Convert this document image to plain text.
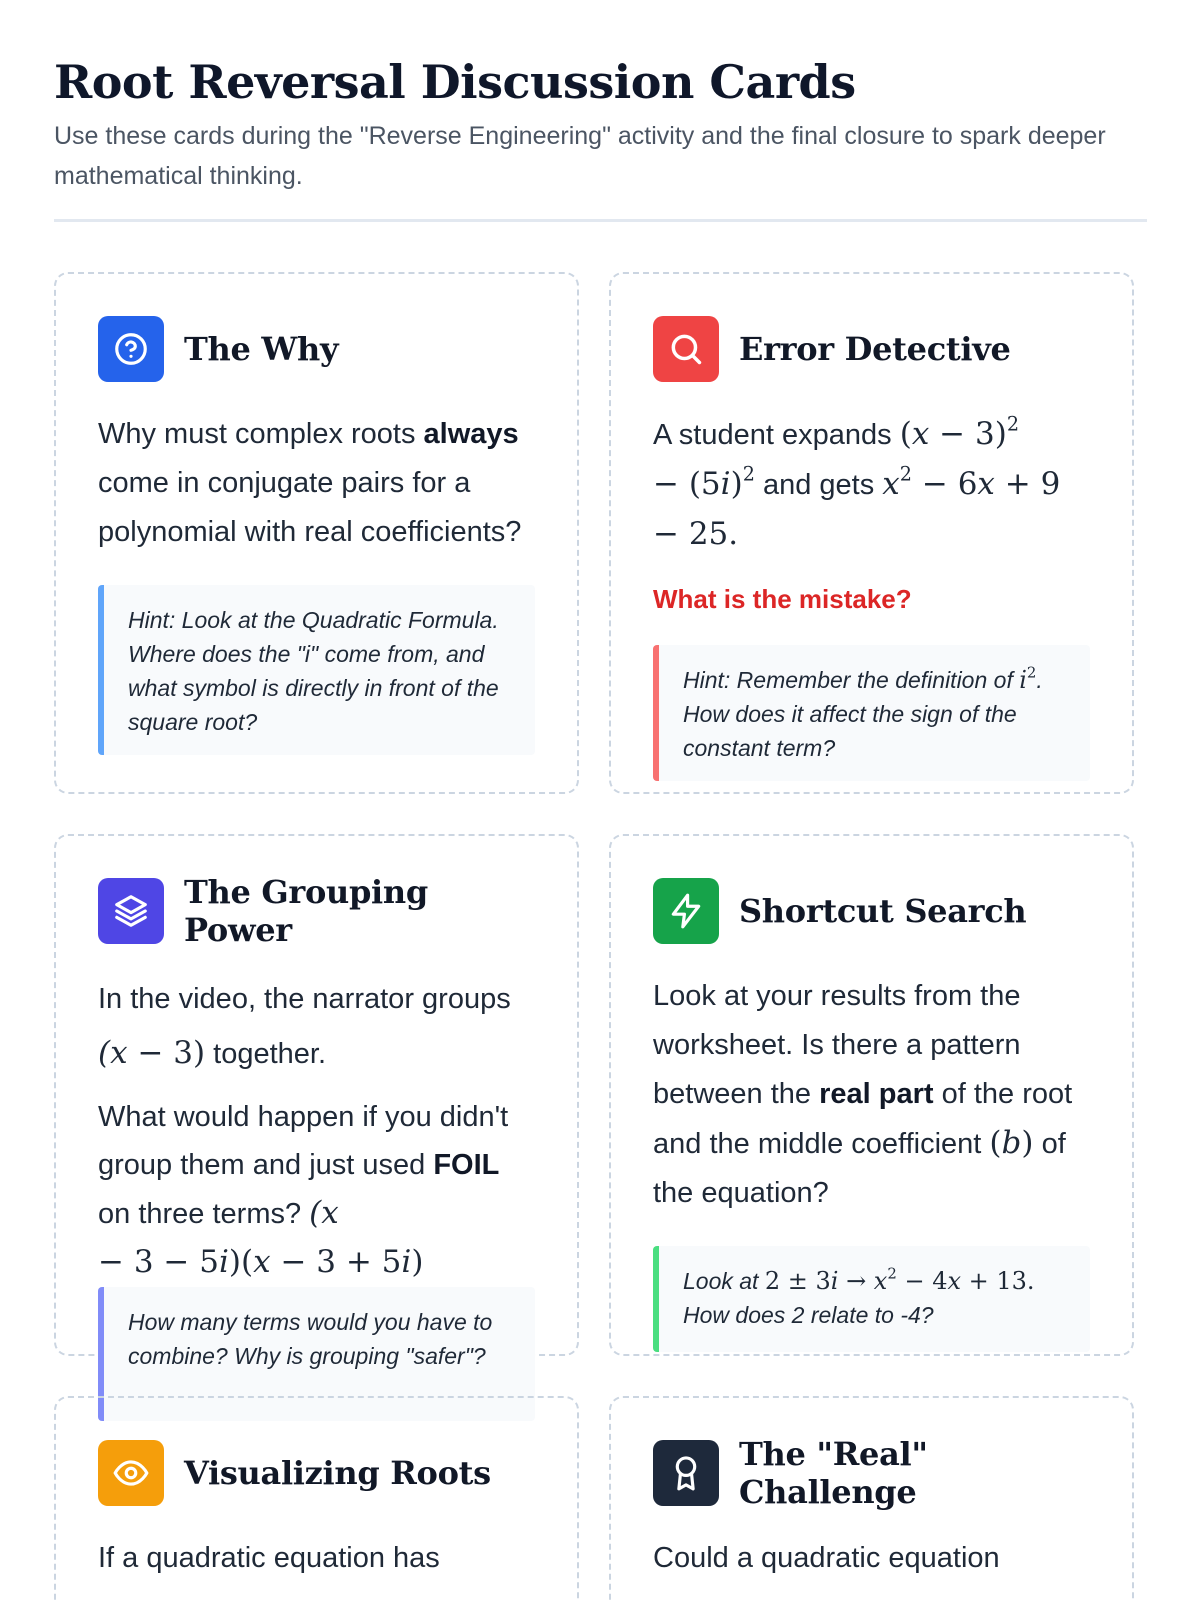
Root Reversal Discussion Cards

Use these cards during the "Reverse Engineering" activity and the final closure to spark deeper mathematical thinking.

The Why

Why must complex roots always come in conjugate pairs for a polynomial with real coefficients?

Hint: Look at the Quadratic Formula. Where does the "i" come from, and what symbol is directly in front of the square root?
Error Detective

A student expands $(x - 3)^2$
− $(5i)^2$ and gets $x^2 - 6x + 9$
− 25.

What is the mistake?

Hint: Remember the definition of $i^2$. How does it affect the sign of the constant term?
The Grouping Power

In the video, the narrator groups (x − 3) together.

What would happen if you didn't group them and just used FOIL on three terms? (x
− 3 − 5i)(x − 3 + 5i)

How many terms would you have to combine? Why is grouping "safer"?
Shortcut Search

Look at your results from the worksheet. Is there a pattern between the real part of the root and the middle coefficient (b) of the equation?

Look at $2 \pm 3i \to x^2 - 4x + 13$. How does 2 relate to -4?
Visualizing Roots

If a quadratic equation has

The "Real" Challenge

Could a quadratic equation
